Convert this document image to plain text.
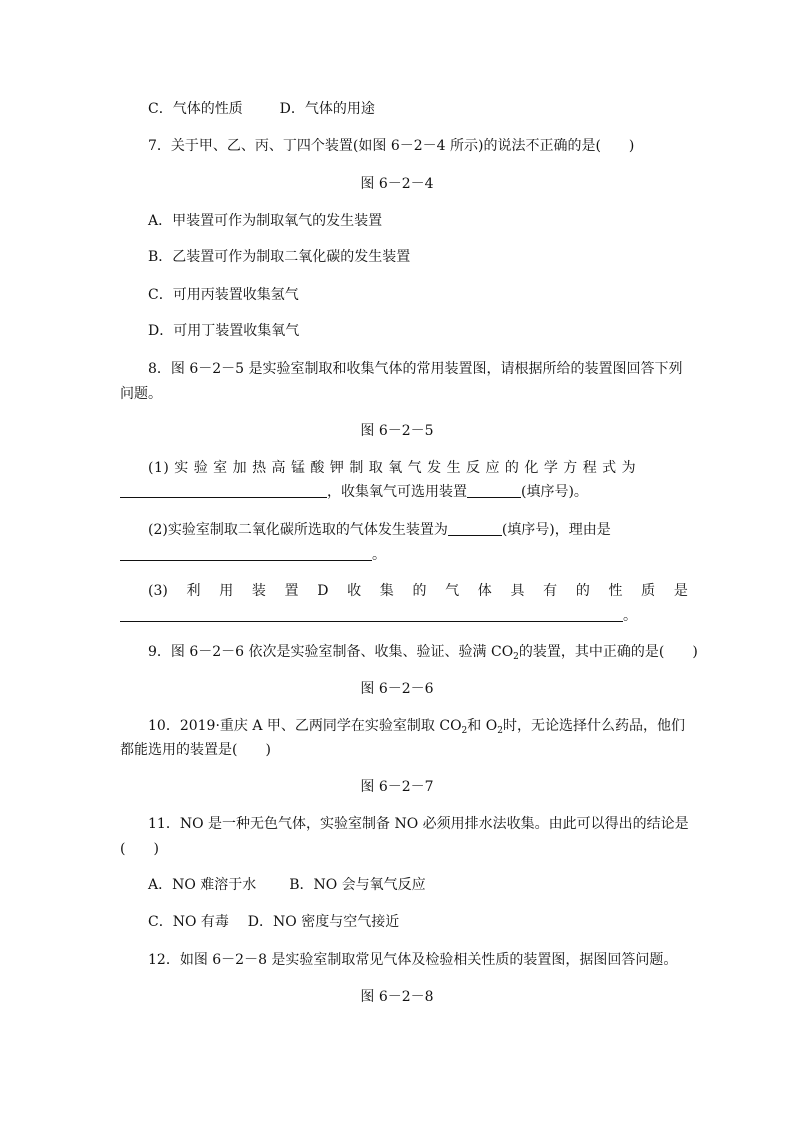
C．气体的性质	D．气体的用途
7．关于甲、乙、丙、丁四个装置(如图 6－2－4 所示)的说法不正确的是(　　)
图 6－2－4
A．甲装置可作为制取氧气的发生装置
B．乙装置可作为制取二氧化碳的发生装置
C．可用丙装置收集氢气
D．可用丁装置收集氧气
8．图 6－2－5 是实验室制取和收集气体的常用装置图，请根据所给的装置图回答下列
问题。
图 6－2－5
(1) 实 验 室 加 热 高 锰 酸 钾 制 取 氧 气 发 生 反 应 的 化 学 方 程 式 为
，收集氧气可选用装置	(填序号)。
(2)实验室制取二氧化碳所选取的气体发生装置为	(填序号)，理由是
。
(3) 利 用 装 置 D 收 集 的 气 体 具 有 的 性 质 是
。
9．图 6－2－6 依次是实验室制备、收集、验证、验满 $CO_2$的装置，其中正确的是(　　)
图 6－2－6
10．2019·重庆 A 甲、乙两同学在实验室制取 $CO_2$和 $O_2$时，无论选择什么药品，他们
都能选用的装置是(　　)
图 6－2－7
11．NO 是一种无色气体，实验室制备 NO 必须用排水法收集。由此可以得出的结论是
(　　)
A．NO 难溶于水 B．NO 会与氧气反应
C．NO 有毒 D．NO 密度与空气接近
12．如图 6－2－8 是实验室制取常见气体及检验相关性质的装置图，据图回答问题。
图 6－2－8
